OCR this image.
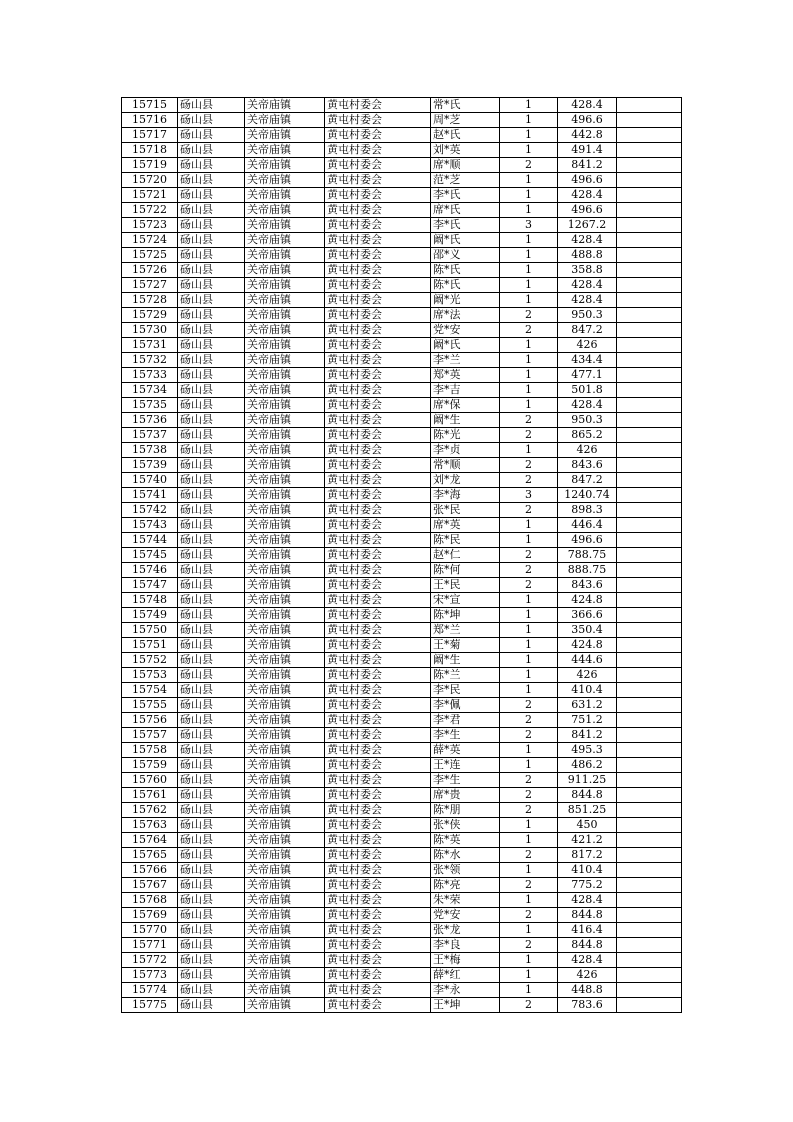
15715	砀山县	关帝庙镇	黄屯村委会	常*氏	1	428.4	
15716	砀山县	关帝庙镇	黄屯村委会	周*芝	1	496.6	
15717	砀山县	关帝庙镇	黄屯村委会	赵*氏	1	442.8	
15718	砀山县	关帝庙镇	黄屯村委会	刘*英	1	491.4	
15719	砀山县	关帝庙镇	黄屯村委会	席*顺	2	841.2	
15720	砀山县	关帝庙镇	黄屯村委会	范*芝	1	496.6	
15721	砀山县	关帝庙镇	黄屯村委会	李*氏	1	428.4	
15722	砀山县	关帝庙镇	黄屯村委会	席*氏	1	496.6	
15723	砀山县	关帝庙镇	黄屯村委会	李*氏	3	1267.2	
15724	砀山县	关帝庙镇	黄屯村委会	阚*氏	1	428.4	
15725	砀山县	关帝庙镇	黄屯村委会	邵*义	1	488.8	
15726	砀山县	关帝庙镇	黄屯村委会	陈*氏	1	358.8	
15727	砀山县	关帝庙镇	黄屯村委会	陈*氏	1	428.4	
15728	砀山县	关帝庙镇	黄屯村委会	阚*光	1	428.4	
15729	砀山县	关帝庙镇	黄屯村委会	席*法	2	950.3	
15730	砀山县	关帝庙镇	黄屯村委会	党*安	2	847.2	
15731	砀山县	关帝庙镇	黄屯村委会	阚*氏	1	426	
15732	砀山县	关帝庙镇	黄屯村委会	李*兰	1	434.4	
15733	砀山县	关帝庙镇	黄屯村委会	郑*英	1	477.1	
15734	砀山县	关帝庙镇	黄屯村委会	李*吉	1	501.8	
15735	砀山县	关帝庙镇	黄屯村委会	席*保	1	428.4	
15736	砀山县	关帝庙镇	黄屯村委会	阚*生	2	950.3	
15737	砀山县	关帝庙镇	黄屯村委会	陈*光	2	865.2	
15738	砀山县	关帝庙镇	黄屯村委会	李*贞	1	426	
15739	砀山县	关帝庙镇	黄屯村委会	常*顺	2	843.6	
15740	砀山县	关帝庙镇	黄屯村委会	刘*龙	2	847.2	
15741	砀山县	关帝庙镇	黄屯村委会	李*海	3	1240.74	
15742	砀山县	关帝庙镇	黄屯村委会	张*民	2	898.3	
15743	砀山县	关帝庙镇	黄屯村委会	席*英	1	446.4	
15744	砀山县	关帝庙镇	黄屯村委会	陈*民	1	496.6	
15745	砀山县	关帝庙镇	黄屯村委会	赵*仁	2	788.75	
15746	砀山县	关帝庙镇	黄屯村委会	陈*何	2	888.75	
15747	砀山县	关帝庙镇	黄屯村委会	王*民	2	843.6	
15748	砀山县	关帝庙镇	黄屯村委会	宋*宣	1	424.8	
15749	砀山县	关帝庙镇	黄屯村委会	陈*坤	1	366.6	
15750	砀山县	关帝庙镇	黄屯村委会	郑*兰	1	350.4	
15751	砀山县	关帝庙镇	黄屯村委会	王*菊	1	424.8	
15752	砀山县	关帝庙镇	黄屯村委会	阚*生	1	444.6	
15753	砀山县	关帝庙镇	黄屯村委会	陈*兰	1	426	
15754	砀山县	关帝庙镇	黄屯村委会	李*民	1	410.4	
15755	砀山县	关帝庙镇	黄屯村委会	李*佩	2	631.2	
15756	砀山县	关帝庙镇	黄屯村委会	李*君	2	751.2	
15757	砀山县	关帝庙镇	黄屯村委会	李*生	2	841.2	
15758	砀山县	关帝庙镇	黄屯村委会	薛*英	1	495.3	
15759	砀山县	关帝庙镇	黄屯村委会	王*连	1	486.2	
15760	砀山县	关帝庙镇	黄屯村委会	李*生	2	911.25	
15761	砀山县	关帝庙镇	黄屯村委会	席*贵	2	844.8	
15762	砀山县	关帝庙镇	黄屯村委会	陈*朋	2	851.25	
15763	砀山县	关帝庙镇	黄屯村委会	张*侠	1	450	
15764	砀山县	关帝庙镇	黄屯村委会	陈*英	1	421.2	
15765	砀山县	关帝庙镇	黄屯村委会	陈*水	2	817.2	
15766	砀山县	关帝庙镇	黄屯村委会	张*领	1	410.4	
15767	砀山县	关帝庙镇	黄屯村委会	陈*亮	2	775.2	
15768	砀山县	关帝庙镇	黄屯村委会	朱*荣	1	428.4	
15769	砀山县	关帝庙镇	黄屯村委会	党*安	2	844.8	
15770	砀山县	关帝庙镇	黄屯村委会	张*龙	1	416.4	
15771	砀山县	关帝庙镇	黄屯村委会	李*良	2	844.8	
15772	砀山县	关帝庙镇	黄屯村委会	王*梅	1	428.4	
15773	砀山县	关帝庙镇	黄屯村委会	薛*红	1	426	
15774	砀山县	关帝庙镇	黄屯村委会	李*永	1	448.8	
15775	砀山县	关帝庙镇	黄屯村委会	王*坤	2	783.6	
